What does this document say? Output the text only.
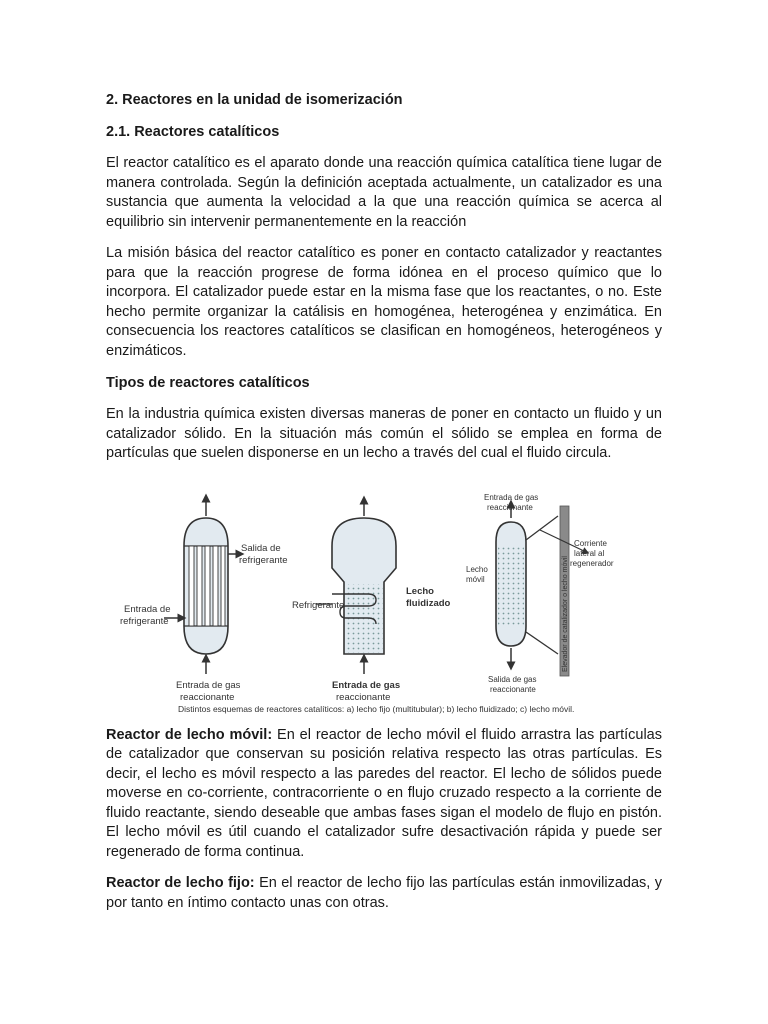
2. Reactores en la unidad de isomerización
2.1. Reactores catalíticos

El reactor catalítico es el aparato donde una reacción química catalítica tiene lugar de manera controlada. Según la definición aceptada actualmente, un catalizador es una sustancia que aumenta la velocidad a la que una reacción química se acerca al equilibrio sin intervenir permanentemente en la reacción

La misión básica del reactor catalítico es poner en contacto catalizador y reactantes para que la reacción progrese de forma idónea en el proceso químico que lo incorpora. El catalizador puede estar en la misma fase que los reactantes, o no. Este hecho permite organizar la catálisis en homogénea, heterogénea y enzimática. En consecuencia los reactores catalíticos se clasifican en homogéneos, heterogéneos y enzimáticos.

Tipos de reactores catalíticos

En la industria química existen diversas maneras de poner en contacto un fluido y un catalizador sólido. En la situación más común el sólido se emplea en forma de partículas que suelen disponerse en un lecho a través del cual el fluido circula.

Salida de
refrigerante
Entrada de
refrigerante
Entrada de gas
reaccionante
Refrigerante
Lecho
fluidizado
Entrada de gas
reaccionante
Entrada de gas
reaccionante
Lecho
móvil
Corriente
lateral al
regenerador
Salida de gas
reaccionante
Elevador de catalizador o lecho móvil
Distintos esquemas de reactores catalíticos: a) lecho fijo (multitubular); b) lecho fluidizado; c) lecho móvil.

Reactor de lecho móvil: En el reactor de lecho móvil el fluido arrastra las partículas de catalizador que conservan su posición relativa respecto las otras partículas. Es decir, el lecho es móvil respecto a las paredes del reactor. El lecho de sólidos puede moverse en co-corriente, contracorriente o en flujo cruzado respecto a la corriente de fluido reactante, siendo deseable que ambas fases sigan el modelo de flujo en pistón. El lecho móvil es útil cuando el catalizador sufre desactivación rápida y puede ser regenerado de forma continua.

Reactor de lecho fijo: En el reactor de lecho fijo las partículas están inmovilizadas, y por tanto en íntimo contacto unas con otras.
